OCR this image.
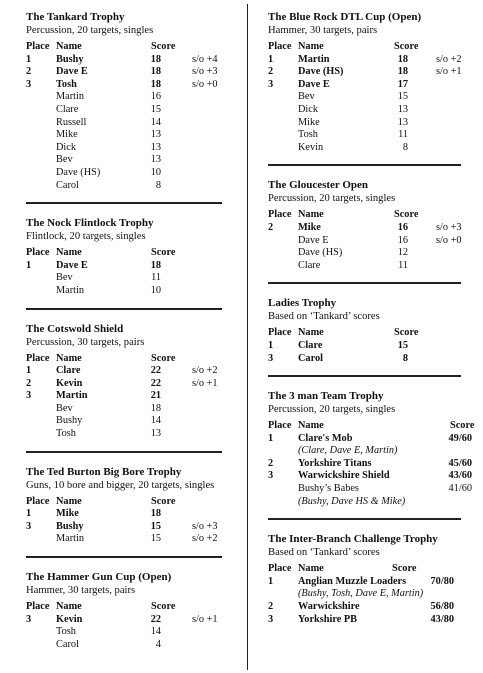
The Tankard Trophy
Percussion, 20 targets, singles
Place Name	Score
1 Bushy	18	s/o +4
2 Dave E	18	s/o +3
3 Tosh	18	s/o +0
Martin	16
Clare	15
Russell	14
Mike	13
Dick	13
Bev	13
Dave (HS)	10
Carol	8
The Nock Flintlock Trophy
Flintlock, 20 targets, singles
Place Name	Score
1 Dave E	18
Bev	11
Martin	10
The Cotswold Shield
Percussion, 30 targets, pairs
Place Name	Score
1 Clare	22	s/o +2
2 Kevin	22	s/o +1
3 Martin	21
Bev	18
Bushy	14
Tosh	13
The Ted Burton Big Bore Trophy
Guns, 10 bore and bigger, 20 targets, singles
Place Name	Score
1 Mike	18
3 Bushy	15	s/o +3
Martin	15	s/o +2
The Hammer Gun Cup (Open)
Hammer, 30 targets, pairs
Place Name	Score
3 Kevin	22	s/o +1
Tosh	14
Carol	4
The Blue Rock DTL Cup (Open)
Hammer, 30 targets, pairs
Place Name	Score
1 Martin	18	s/o +2
2 Dave (HS)	18	s/o +1
3 Dave E	17
Bev	15
Dick	13
Mike	13
Tosh	11
Kevin	8
The Gloucester Open
Percussion, 20 targets, singles
Place Name	Score
2 Mike	16	s/o +3
Dave E	16	s/o +0
Dave (HS)	12
Clare	11
Ladies Trophy
Based on ‘Tankard’ scores
Place Name	Score
1 Clare	15
3 Carol	8
The 3 man Team Trophy
Percussion, 20 targets, singles
Place Name	Score
1 Clare's Mob	49/60
(Clare, Dave E, Martin)
2 Yorkshire Titans	45/60
3 Warwickshire Shield	43/60
Bushy’s Babes	41/60
(Bushy, Dave HS & Mike)
The Inter-Branch Challenge Trophy
Based on ‘Tankard’ scores
Place Name	Score
1 Anglian Muzzle Loaders 70/80
(Bushy, Tosh, Dave E, Martin)
2 Warwickshire	56/80
3 Yorkshire PB	43/80
